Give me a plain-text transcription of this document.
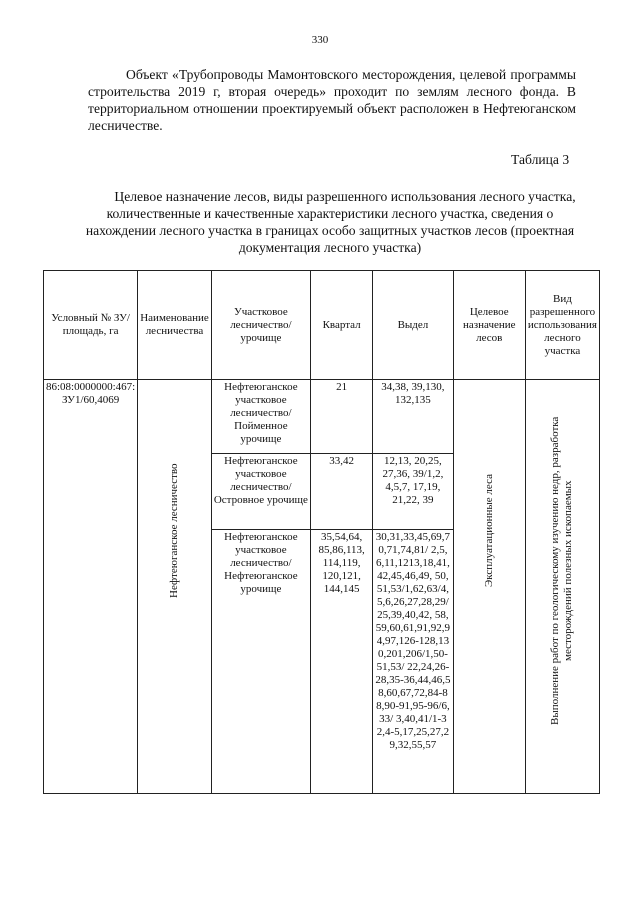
330

Объект «Трубопроводы Мамонтовского месторождения, целевой программы строительства 2019 г, вторая очередь» проходит по землям лесного фонда. В территориальном отношении проектируемый объект расположен в Нефтеюганском лесничестве.

Таблица 3
Целевое назначение лесов, виды разрешенного использования лесного участка, количественные и качественные характеристики лесного участка, сведения о нахождении лесного участка в границах особо защитных участков лесов (проектная документация лесного участка)
Условный № ЗУ/площадь, га	Наименование лесничества	Участковое лесничество/урочище	Квартал	Выдел	Целевое назначение лесов	Вид разрешенного использования лесного участка
86:08:0000000:467: ЗУ1/60,4069	Нефтеюганское лесничество	Нефтеюганское участковое лесничество/ Пойменное урочище	21	34,38, 39,130, 132,135	Эксплуатационные леса	Выполнение работ по геологическому изучению недр, разработка месторождений полезных ископаемых

		Нефтеюганское участковое лесничество/ Островное урочище	33,42	12,13, 20,25, 27,36, 39/1,2, 4,5,7, 17,19, 21,22, 39		
		Нефтеюганское участковое лесничество/ Нефтеюганское урочище	35,54,64, 85,86,113, 114,119, 120,121, 144,145	30,31,33,45,69,70,71,74,81/ 2,5,6,11,1213,18,41,42,45,46,49, 50,51,53/1,62,63/4,5,6,26,27,28,29/25,39,40,42, 58,59,60,61,91,92,94,97,126-128,130,201,206/1,50-51,53/ 22,24,26-28,35-36,44,46,58,60,67,72,84-88,90-91,95-96/6,33/ 3,40,41/1-32,4-5,17,25,27,29,32,55,57		
